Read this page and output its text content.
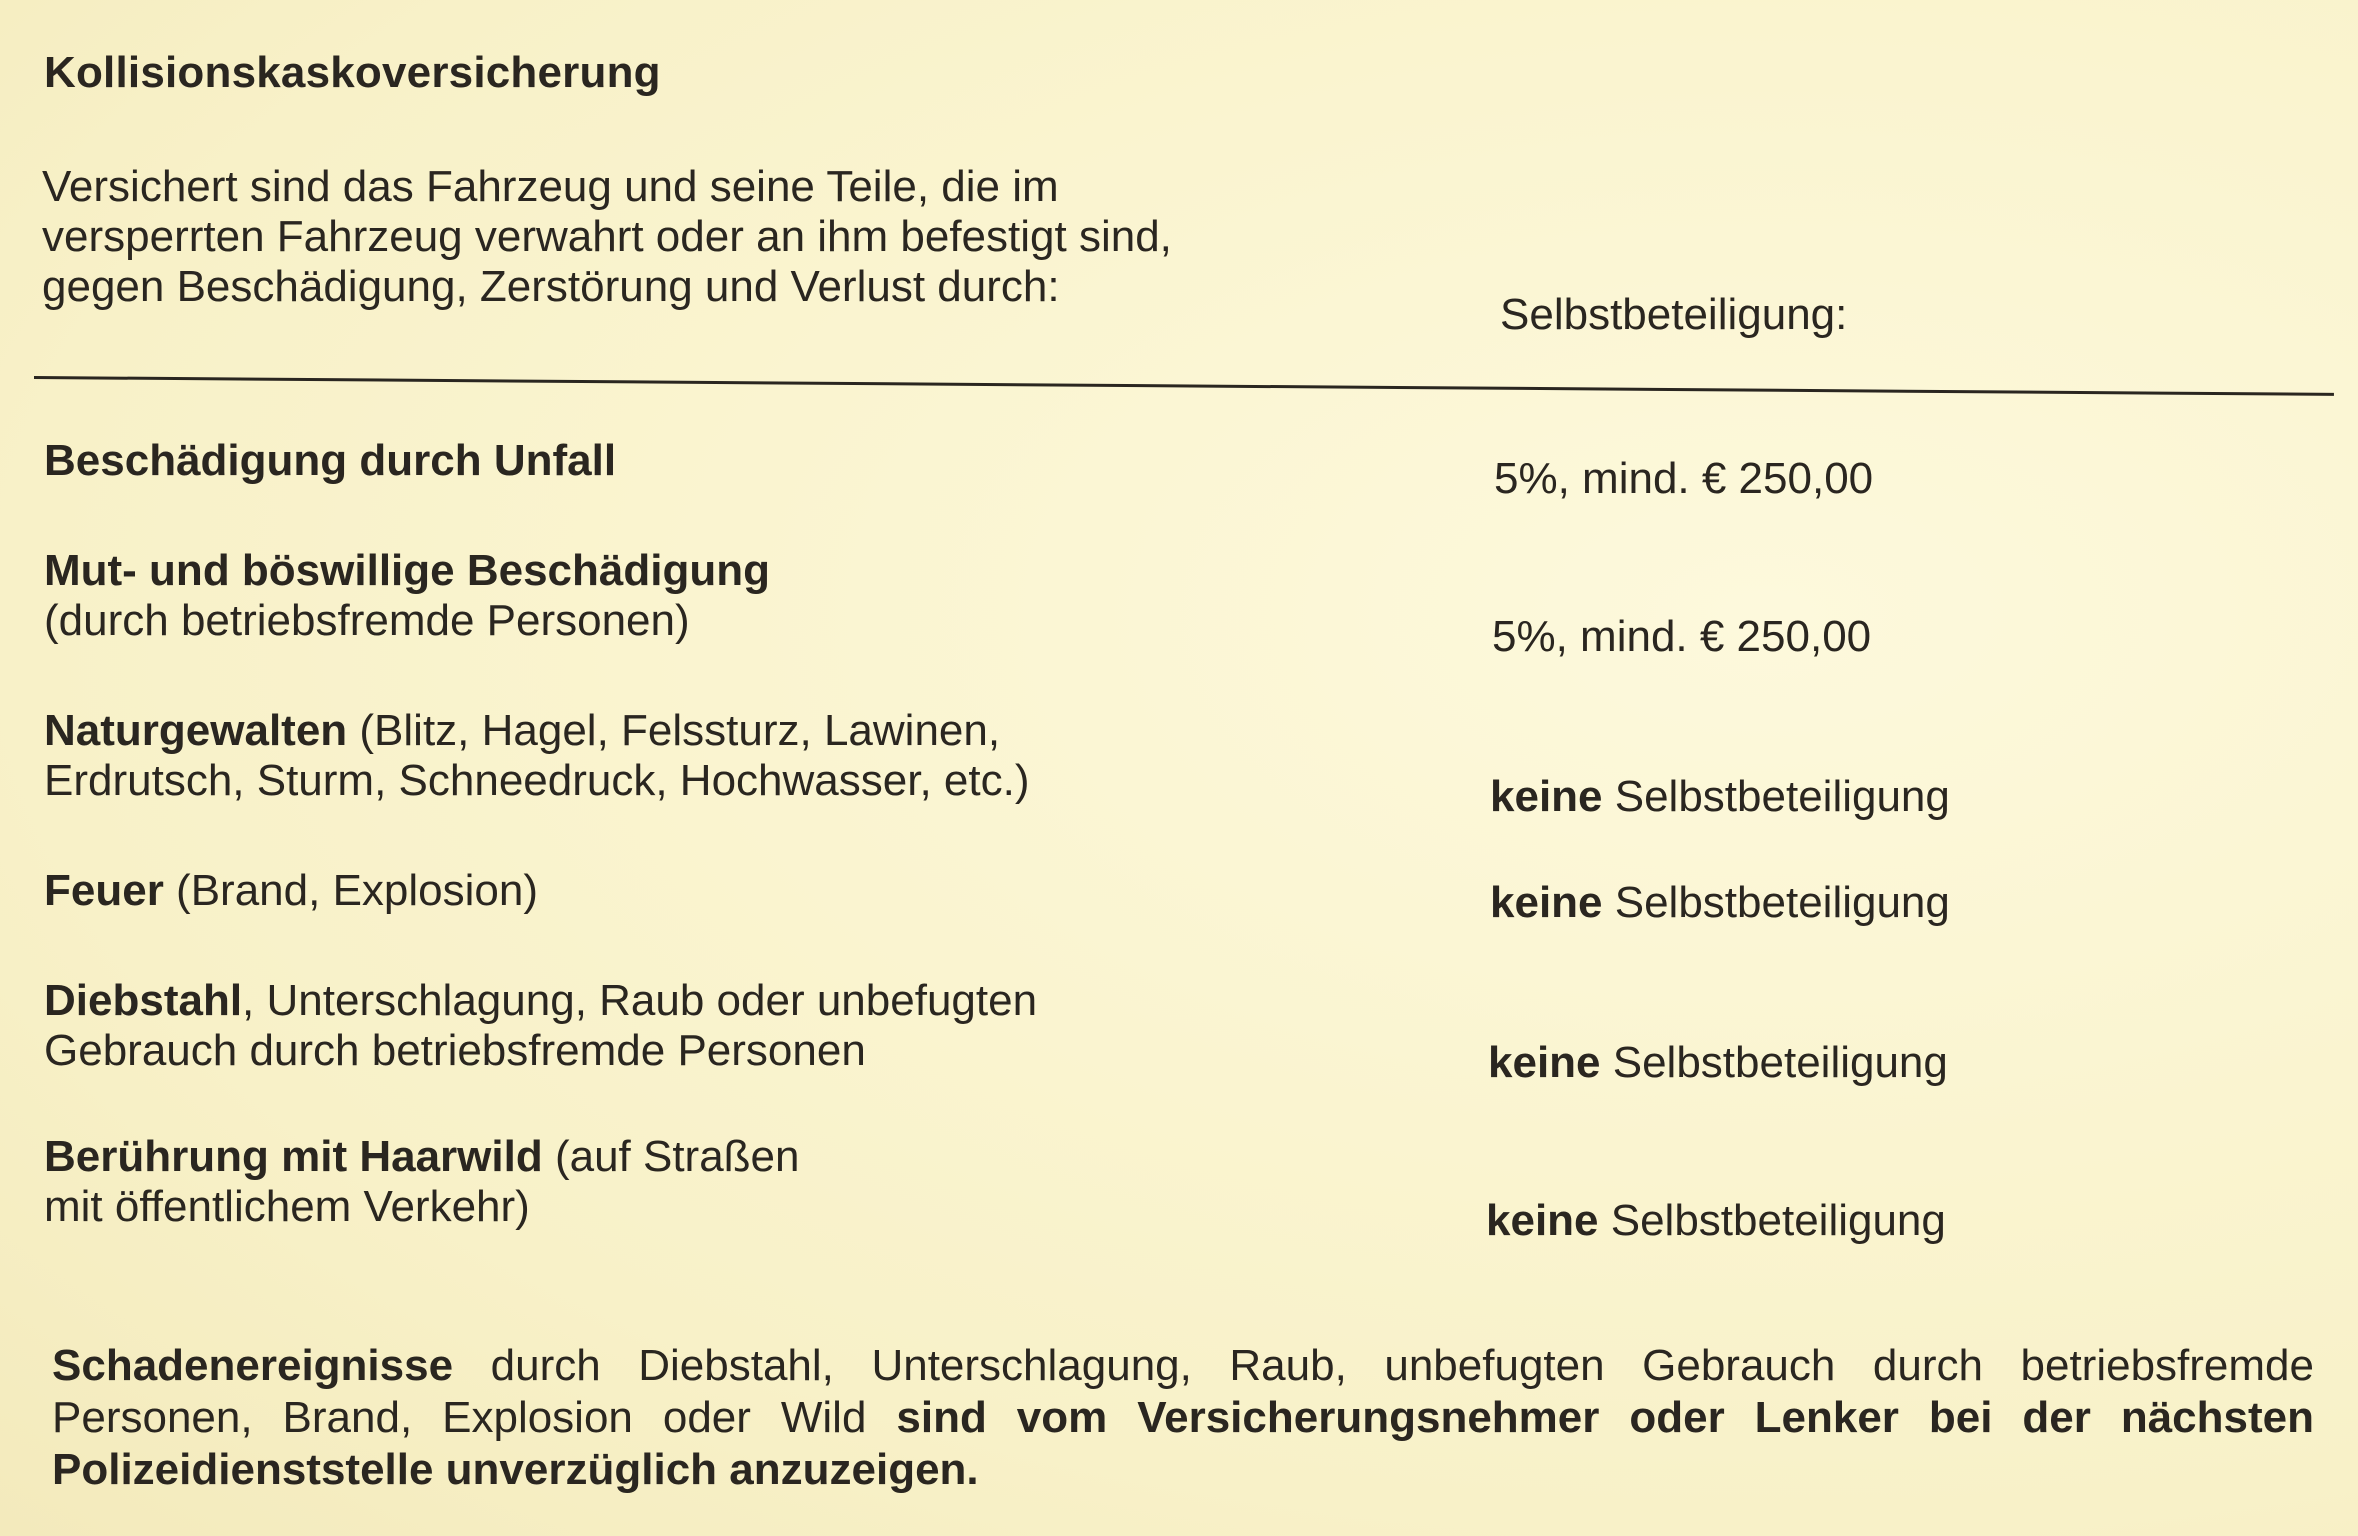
Kollisionskaskoversicherung
Versichert sind das Fahrzeug und seine Teile, die im
versperrten Fahrzeug verwahrt oder an ihm befestigt sind,
gegen Beschädigung, Zerstörung und Verlust durch:
Selbstbeteiligung:
Beschädigung durch Unfall	5%, mind. € 250,00
Mut- und böswillige Beschädigung
(durch betriebsfremde Personen)	5%, mind. € 250,00
Naturgewalten (Blitz, Hagel, Felssturz, Lawinen,
Erdrutsch, Sturm, Schneedruck, Hochwasser, etc.)	keine Selbstbeteiligung
Feuer (Brand, Explosion)	keine Selbstbeteiligung
Diebstahl, Unterschlagung, Raub oder unbefugten
Gebrauch durch betriebsfremde Personen	keine Selbstbeteiligung
Berührung mit Haarwild (auf Straßen
mit öffentlichem Verkehr)	keine Selbstbeteiligung
Schadenereignisse durch Diebstahl, Unterschlagung, Raub, unbefugten Gebrauch durch betriebsfremde Personen, Brand, Explosion oder Wild sind vom Versicherungsnehmer oder Lenker bei der nächsten Polizeidienststelle unverzüglich anzuzeigen.
